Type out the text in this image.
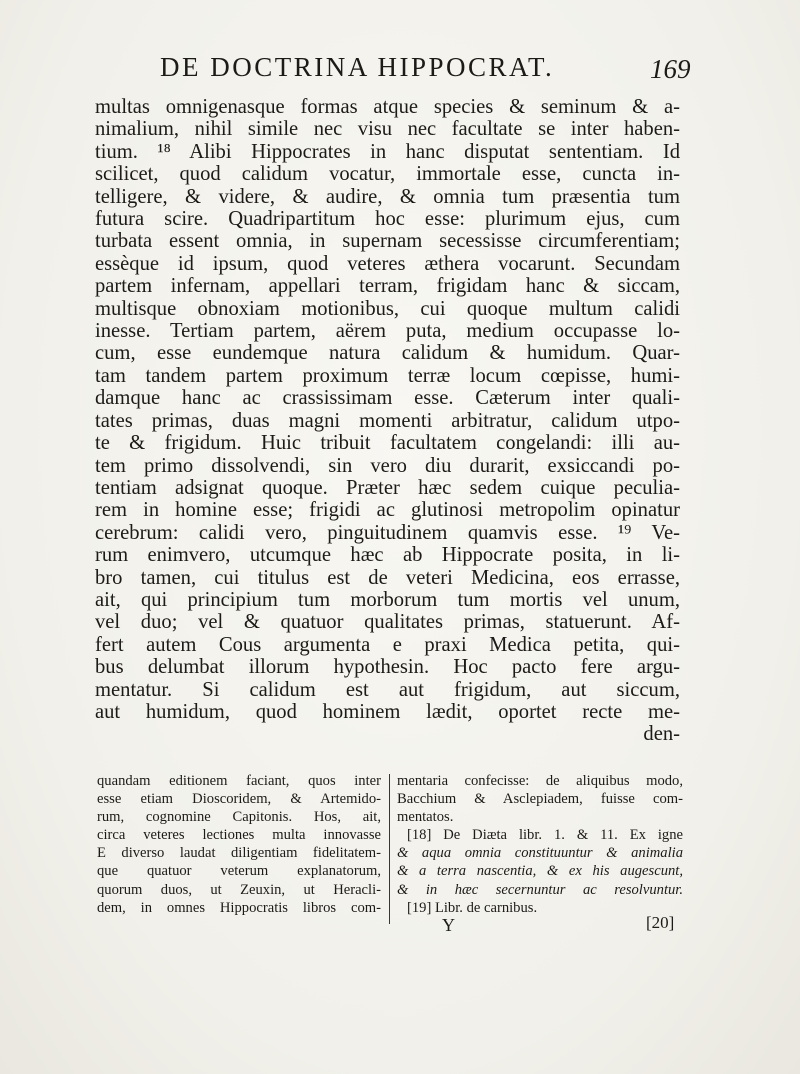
DE DOCTRINA HIPPOCRAT.	169
multas omnigenasque formas atque species & seminum & a-
nimalium, nihil simile nec visu nec facultate se inter haben-
tium. ¹⁸ Alibi Hippocrates in hanc disputat sententiam. Id
scilicet, quod calidum vocatur, immortale esse, cuncta in-
telligere, & videre, & audire, & omnia tum præsentia tum
futura scire. Quadripartitum hoc esse: plurimum ejus, cum
turbata essent omnia, in supernam secessisse circumferentiam;
essèque id ipsum, quod veteres æthera vocarunt. Secundam
partem infernam, appellari terram, frigidam hanc & siccam,
multisque obnoxiam motionibus, cui quoque multum calidi
inesse. Tertiam partem, aërem puta, medium occupasse lo-
cum, esse eundemque natura calidum & humidum. Quar-
tam tandem partem proximum terræ locum cœpisse, humi-
damque hanc ac crassissimam esse. Cæterum inter quali-
tates primas, duas magni momenti arbitratur, calidum utpo-
te & frigidum. Huic tribuit facultatem congelandi: illi au-
tem primo dissolvendi, sin vero diu durarit, exsiccandi po-
tentiam adsignat quoque. Præter hæc sedem cuique peculia-
rem in homine esse; frigidi ac glutinosi metropolim opinatur
cerebrum: calidi vero, pinguitudinem quamvis esse. ¹⁹ Ve-
rum enimvero, utcumque hæc ab Hippocrate posita, in li-
bro tamen, cui titulus est de veteri Medicina, eos errasse,
ait, qui principium tum morborum tum mortis vel unum,
vel duo; vel & quatuor qualitates primas, statuerunt. Af-
fert autem Cous argumenta e praxi Medica petita, qui-
bus delumbat illorum hypothesin. Hoc pacto fere argu-
mentatur. Si calidum est aut frigidum, aut siccum,
aut humidum, quod hominem lædit, oportet recte me-
den-
quandam editionem faciant, quos inter
esse etiam Dioscoridem, & Artemido-
rum, cognomine Capitonis. Hos, ait,
circa veteres lectiones multa innovasse
E diverso laudat diligentiam fidelitatem-
que quatuor veterum explanatorum,
quorum duos, ut Zeuxin, ut Heracli-
dem, in omnes Hippocratis libros com-
mentaria confecisse: de aliquibus modo,
Bacchium & Asclepiadem, fuisse com-
mentatos.
[18] De Diæta libr. 1. & 11. Ex igne
& aqua omnia constituuntur & animalia
& a terra nascentia, & ex his augescunt,
& in hæc secernuntur ac resolvuntur.
[19] Libr. de carnibus.
Y	[20]
